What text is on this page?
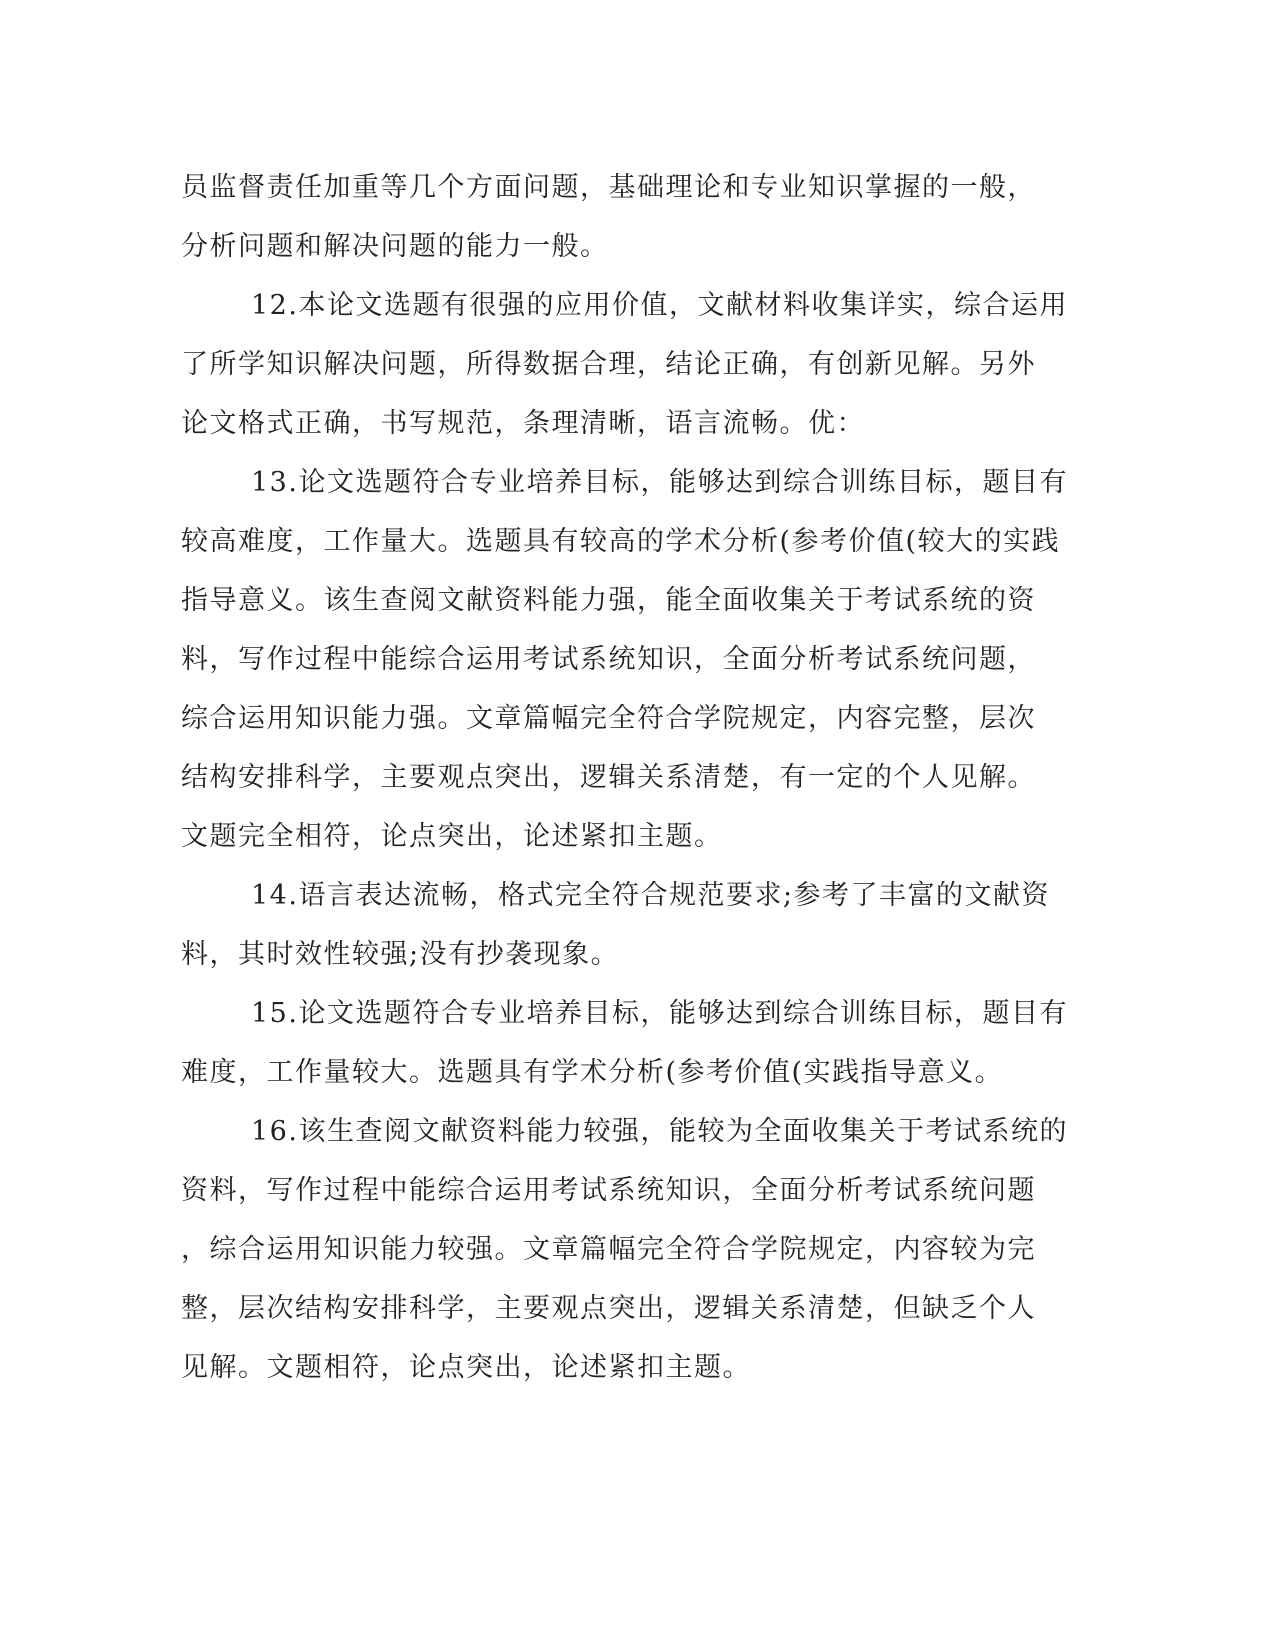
员监督责任加重等几个方面问题，基础理论和专业知识掌握的一般，
分析问题和解决问题的能力一般。
12.本论文选题有很强的应用价值，文献材料收集详实，综合运用
了所学知识解决问题，所得数据合理，结论正确，有创新见解。另外
论文格式正确，书写规范，条理清晰，语言流畅。优：
13.论文选题符合专业培养目标，能够达到综合训练目标，题目有
较高难度，工作量大。选题具有较高的学术分析(参考价值(较大的实践
指导意义。该生查阅文献资料能力强，能全面收集关于考试系统的资
料，写作过程中能综合运用考试系统知识，全面分析考试系统问题，
综合运用知识能力强。文章篇幅完全符合学院规定，内容完整，层次
结构安排科学，主要观点突出，逻辑关系清楚，有一定的个人见解。
文题完全相符，论点突出，论述紧扣主题。
14.语言表达流畅，格式完全符合规范要求;参考了丰富的文献资
料，其时效性较强;没有抄袭现象。
15.论文选题符合专业培养目标，能够达到综合训练目标，题目有
难度，工作量较大。选题具有学术分析(参考价值(实践指导意义。
16.该生查阅文献资料能力较强，能较为全面收集关于考试系统的
资料，写作过程中能综合运用考试系统知识，全面分析考试系统问题
，综合运用知识能力较强。文章篇幅完全符合学院规定，内容较为完
整，层次结构安排科学，主要观点突出，逻辑关系清楚，但缺乏个人
见解。文题相符，论点突出，论述紧扣主题。
